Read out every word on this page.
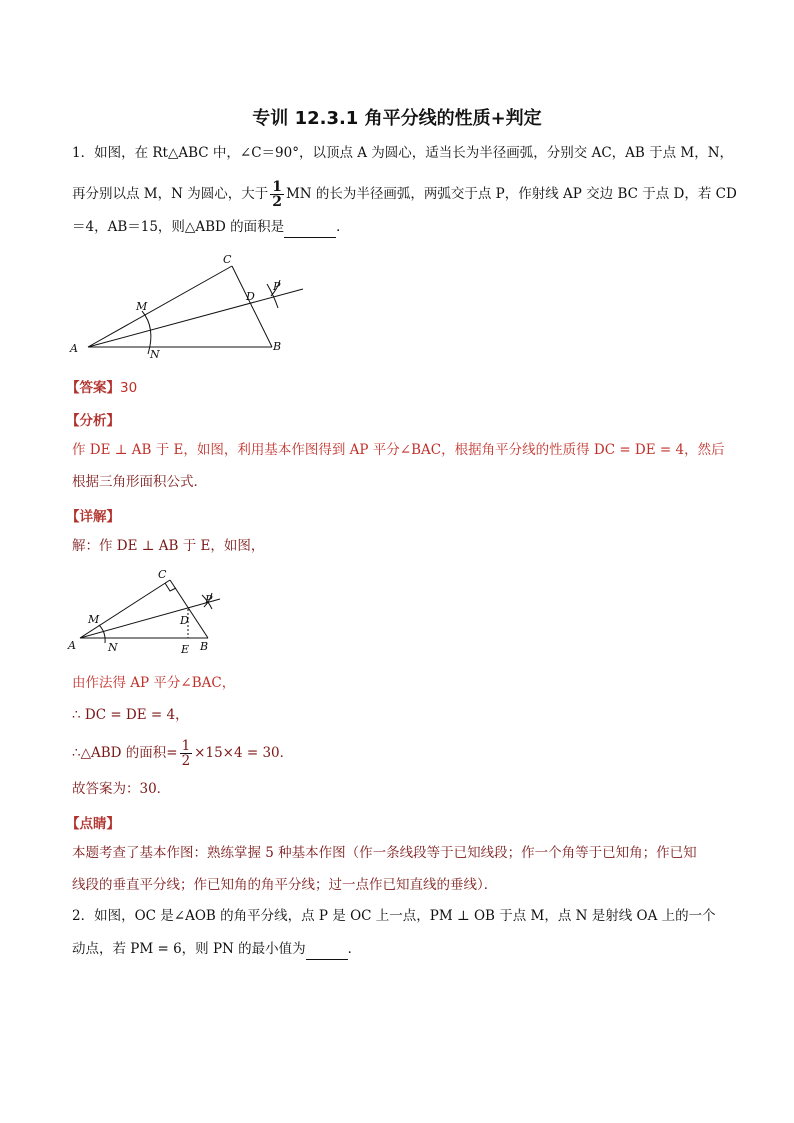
专训 12.3.1 角平分线的性质+判定
1．如图，在 Rt△ABC 中，∠C＝90°，以顶点 A 为圆心，适当长为半径画弧，分别交 AC，AB 于点 M，N，
再分别以点 M，N 为圆心，大于 $\frac{1}{2}$ MN 的长为半径画弧，两弧交于点 P，作射线 AP 交边 BC 于点 D，若 CD
＝4，AB＝15，则△ABD 的面积是	．
A	B
C
D
M
N
P
【答案】30
【分析】
作 DE ⊥ AB 于 E，如图，利用基本作图得到 AP 平分∠BAC，根据角平分线的性质得 DC = DE = 4，然后
根据三角形面积公式．
【详解】
解：作 DE ⊥ AB 于 E，如图，
A	B
C
D
E
M
N
P
由作法得 AP 平分∠BAC，
∴ DC = DE = 4，
∴△ABD 的面积= $\frac{1}{2} \times 15\times 4 = 30$．
故答案为：30．
【点睛】
本题考查了基本作图：熟练掌握 5 种基本作图（作一条线段等于已知线段；作一个角等于已知角；作已知
线段的垂直平分线；作已知角的角平分线；过一点作已知直线的垂线）．
2．如图，OC 是∠AOB 的角平分线，点 P 是 OC 上一点，PM ⊥ OB 于点 M，点 N 是射线 OA 上的一个
动点，若 PM = 6，则 PN 的最小值为	．
